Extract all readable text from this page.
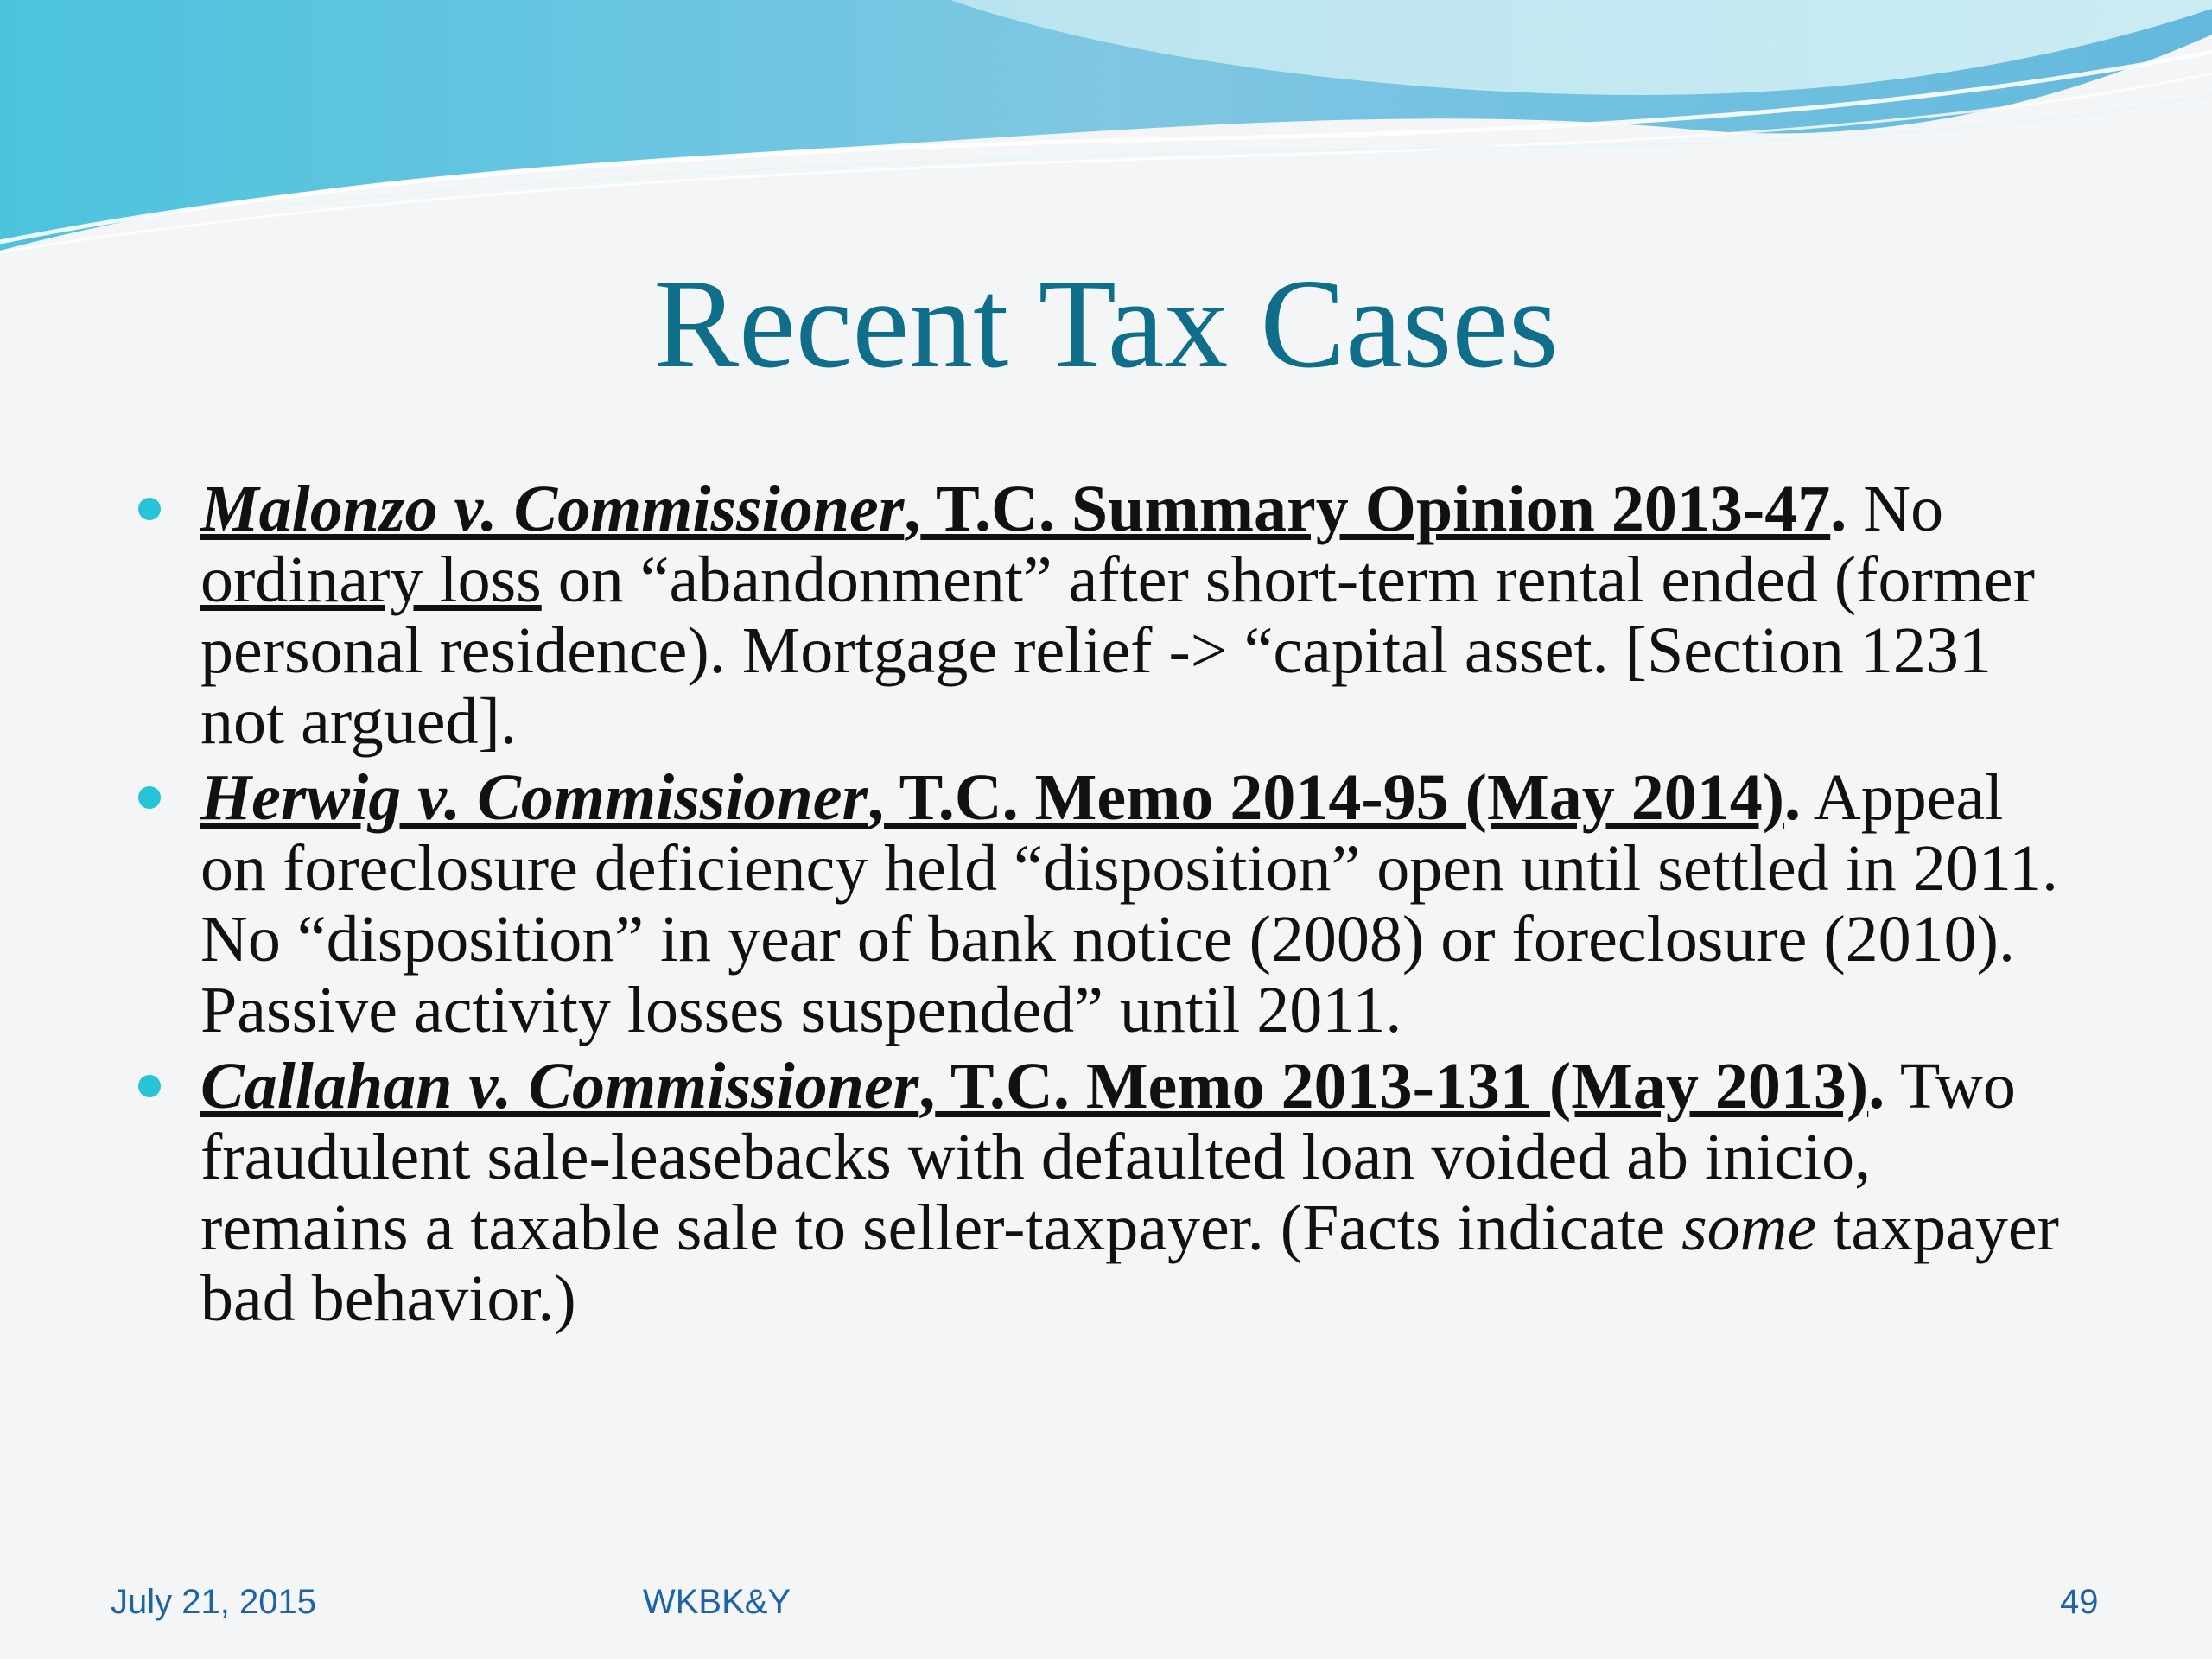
Recent Tax Cases
Malonzo v. Commissioner, T.C. Summary Opinion 2013-47. No ordinary loss on “abandonment” after short-term rental ended (former personal residence). Mortgage relief -> “capital asset. [Section 1231 not argued].
Herwig v. Commissioner, T.C. Memo 2014-95 (May 2014). Appeal on foreclosure deficiency held “disposition” open until settled in 2011. No “disposition” in year of bank notice (2008) or foreclosure (2010). Passive activity losses suspended” until 2011.
Callahan v. Commissioner, T.C. Memo 2013-131 (May 2013). Two fraudulent sale-leasebacks with defaulted loan voided ab inicio, remains a taxable sale to seller-taxpayer. (Facts indicate some taxpayer bad behavior.)
July 21, 2015	WKBK&Y	49
